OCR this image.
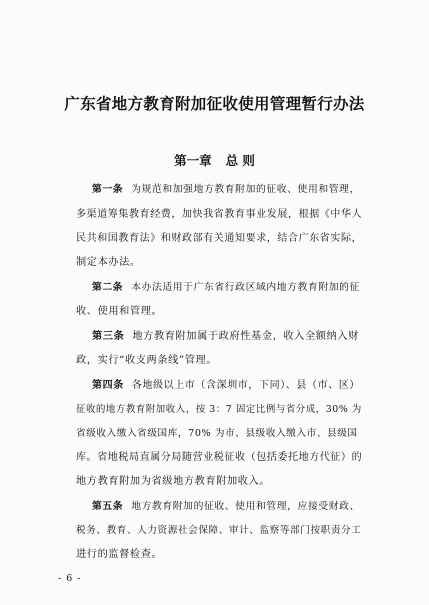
广东省地方教育附加征收使用管理暂行办法
第一章 总 则
第一条 为规范和加强地方教育附加的征收、使用和管理，
多渠道筹集教育经费，加快我省教育事业发展，根据《中华人
民共和国教育法》和财政部有关通知要求，结合广东省实际，
制定本办法。
第二条 本办法适用于广东省行政区域内地方教育附加的征
收、使用和管理。
第三条 地方教育附加属于政府性基金，收入全额纳入财
政，实行“收支两条线”管理。
第四条 各地级以上市（含深圳市，下同）、县（市、区）
征收的地方教育附加收入，按 3：7 固定比例与省分成，30% 为
省级收入缴入省级国库，70% 为市、县级收入缴入市、县级国
库。省地税局直属分局随营业税征收（包括委托地方代征）的
地方教育附加为省级地方教育附加收入。
第五条 地方教育附加的征收、使用和管理，应接受财政、
税务、教育、人力资源社会保障、审计、监察等部门按职责分工
进行的监督检查。
- 6 -
